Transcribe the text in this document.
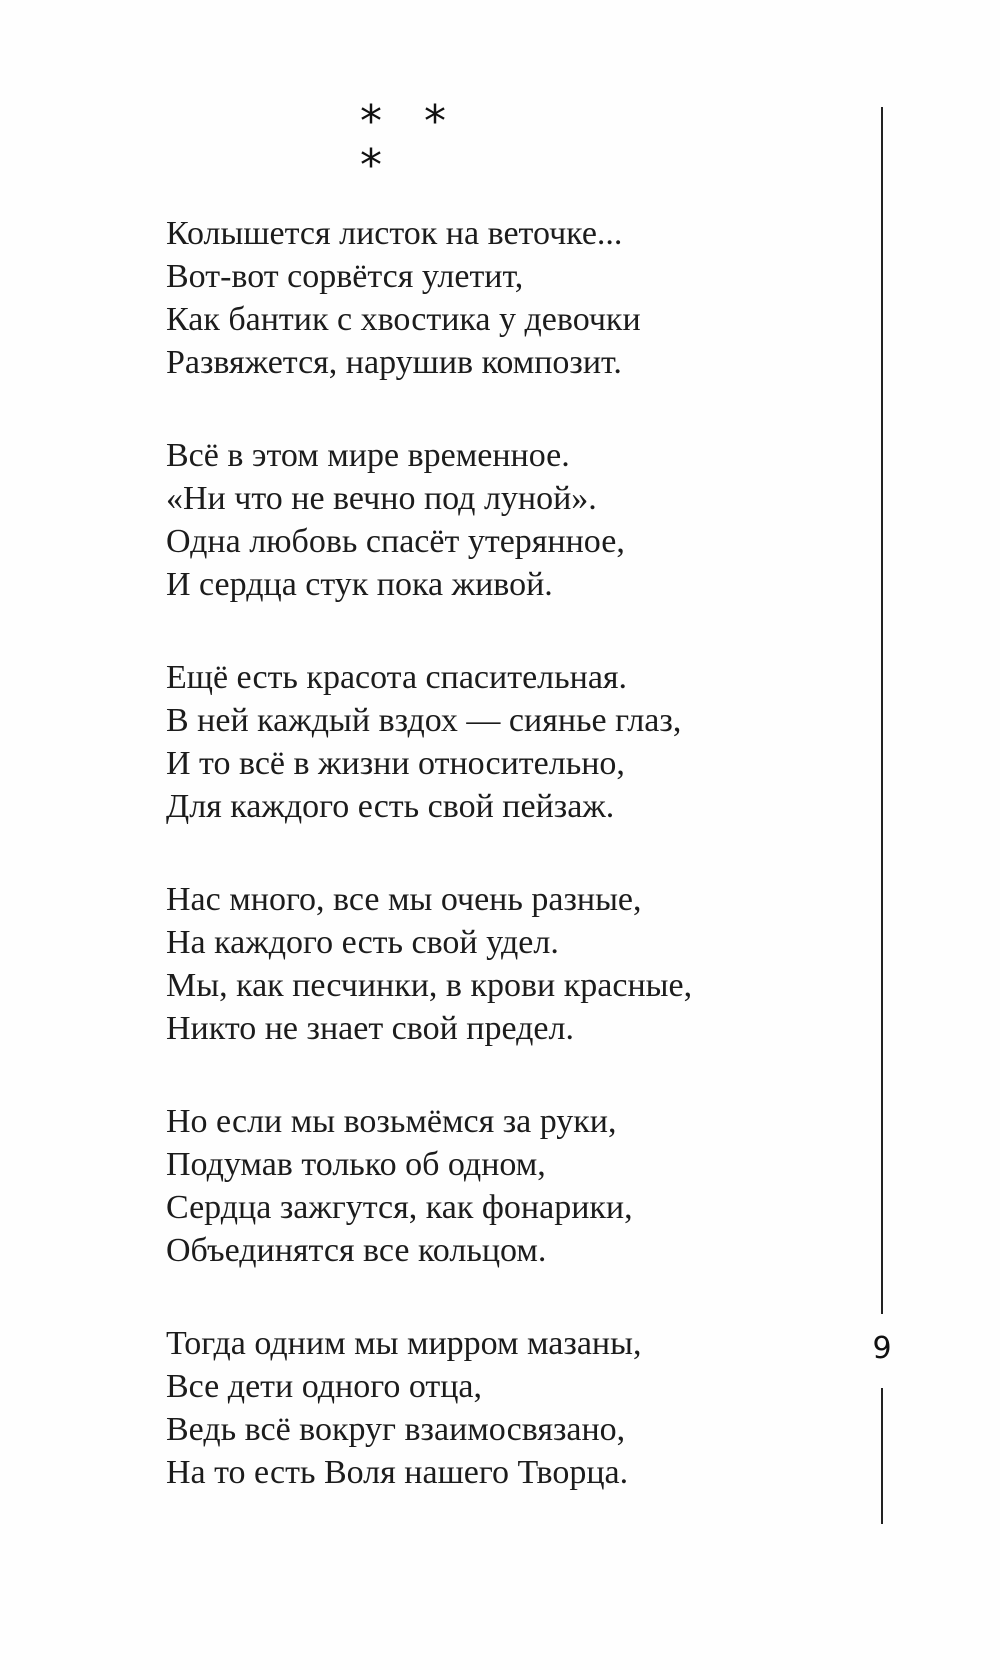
* * *
Колышется листок на веточке...
Вот-вот сорвётся улетит,
Как бантик с хвостика у девочки
Развяжется, нарушив композит.
Всё в этом мире временное.
«Ни что не вечно под луной».
Одна любовь спасёт утерянное,
И сердца стук пока живой.
Ещё есть красота спасительная.
В ней каждый вздох — сиянье глаз,
И то всё в жизни относительно,
Для каждого есть свой пейзаж.
Нас много, все мы очень разные,
На каждого есть свой удел.
Мы, как песчинки, в крови красные,
Никто не знает свой предел.
Но если мы возьмёмся за руки,
Подумав только об одном,
Сердца зажгутся, как фонарики,
Объединятся все кольцом.
Тогда одним мы мирром мазаны,
Все дети одного отца,
Ведь всё вокруг взаимосвязано,
На то есть Воля нашего Творца.
9
